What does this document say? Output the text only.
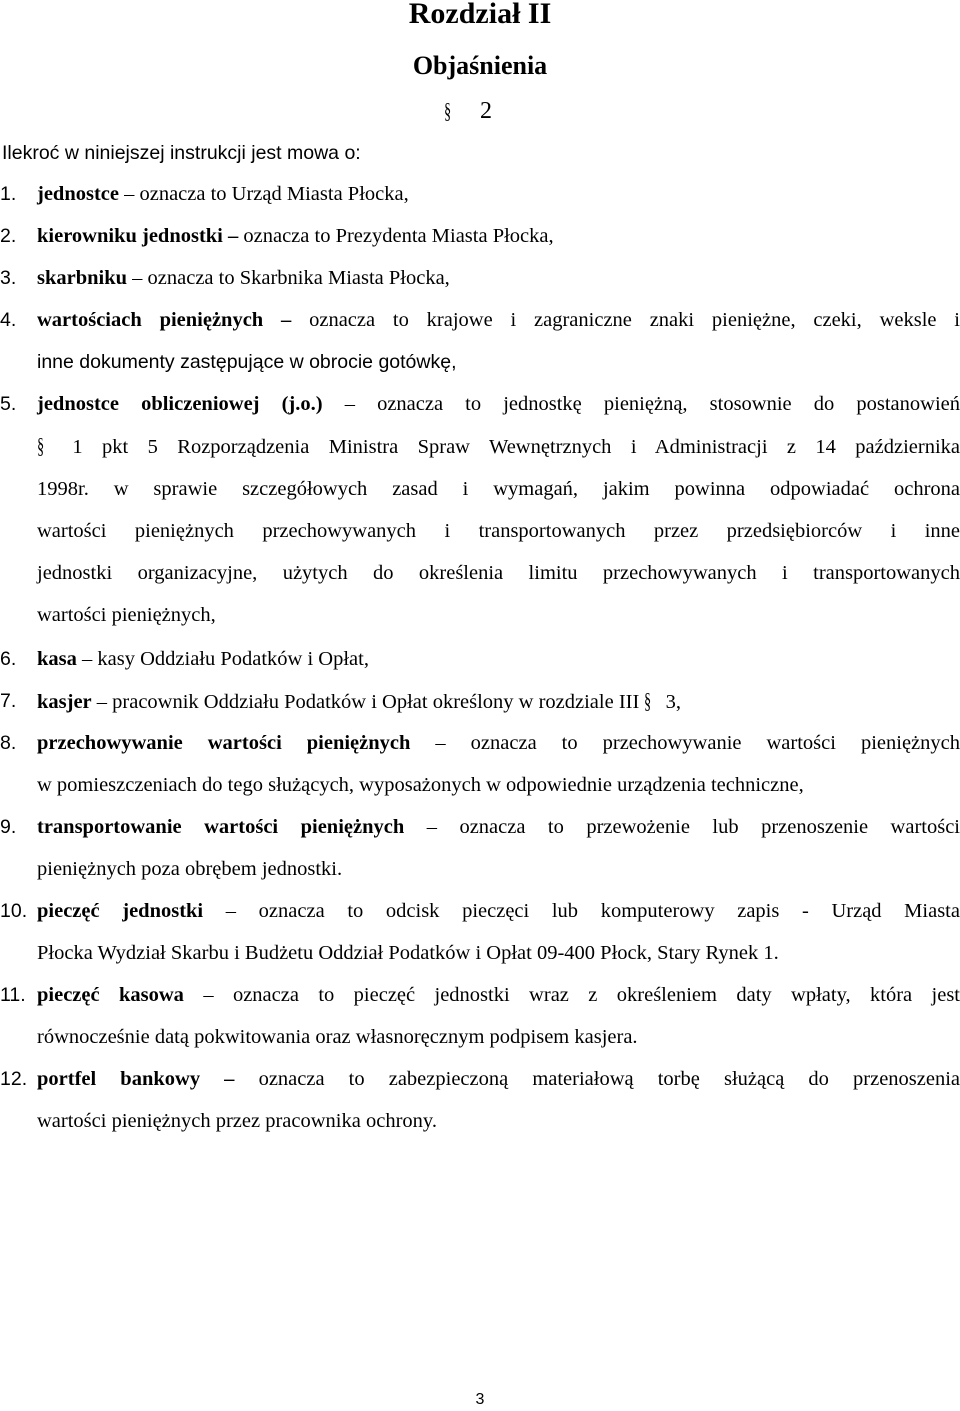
Rozdział II
Objaśnienia
§ 2
Ilekroć w niniejszej instrukcji jest mowa o:
1. jednostce – oznacza to Urząd Miasta Płocka,
2. kierowniku jednostki – oznacza to Prezydenta Miasta Płocka,
3. skarbniku – oznacza to Skarbnika Miasta Płocka,
4. wartościach pieniężnych – oznacza to krajowe i zagraniczne znaki pieniężne, czeki, weksle i
inne dokumenty zastępujące w obrocie gotówkę,
5. jednostce obliczeniowej (j.o.) – oznacza to jednostkę pieniężną, stosownie do postanowień
§ 1 pkt 5 Rozporządzenia Ministra Spraw Wewnętrznych i Administracji z 14 października
1998r. w sprawie szczegółowych zasad i wymagań, jakim powinna odpowiadać ochrona
wartości pieniężnych przechowywanych i transportowanych przez przedsiębiorców i inne
jednostki organizacyjne, użytych do określenia limitu przechowywanych i transportowanych
wartości pieniężnych,
6. kasa – kasy Oddziału Podatków i Opłat,
7. kasjer – pracownik Oddziału Podatków i Opłat określony w rozdziale III § 3,
8. przechowywanie wartości pieniężnych – oznacza to przechowywanie wartości pieniężnych
w pomieszczeniach do tego służących, wyposażonych w odpowiednie urządzenia techniczne,
9. transportowanie wartości pieniężnych – oznacza to przewożenie lub przenoszenie wartości
pieniężnych poza obrębem jednostki.
10. pieczęć jednostki – oznacza to odcisk pieczęci lub komputerowy zapis - Urząd Miasta
Płocka Wydział Skarbu i Budżetu Oddział Podatków i Opłat 09-400 Płock, Stary Rynek 1.
11. pieczęć kasowa – oznacza to pieczęć jednostki wraz z określeniem daty wpłaty, która jest
równocześnie datą pokwitowania oraz własnoręcznym podpisem kasjera.
12. portfel bankowy – oznacza to zabezpieczoną materiałową torbę służącą do przenoszenia
wartości pieniężnych przez pracownika ochrony.
3
